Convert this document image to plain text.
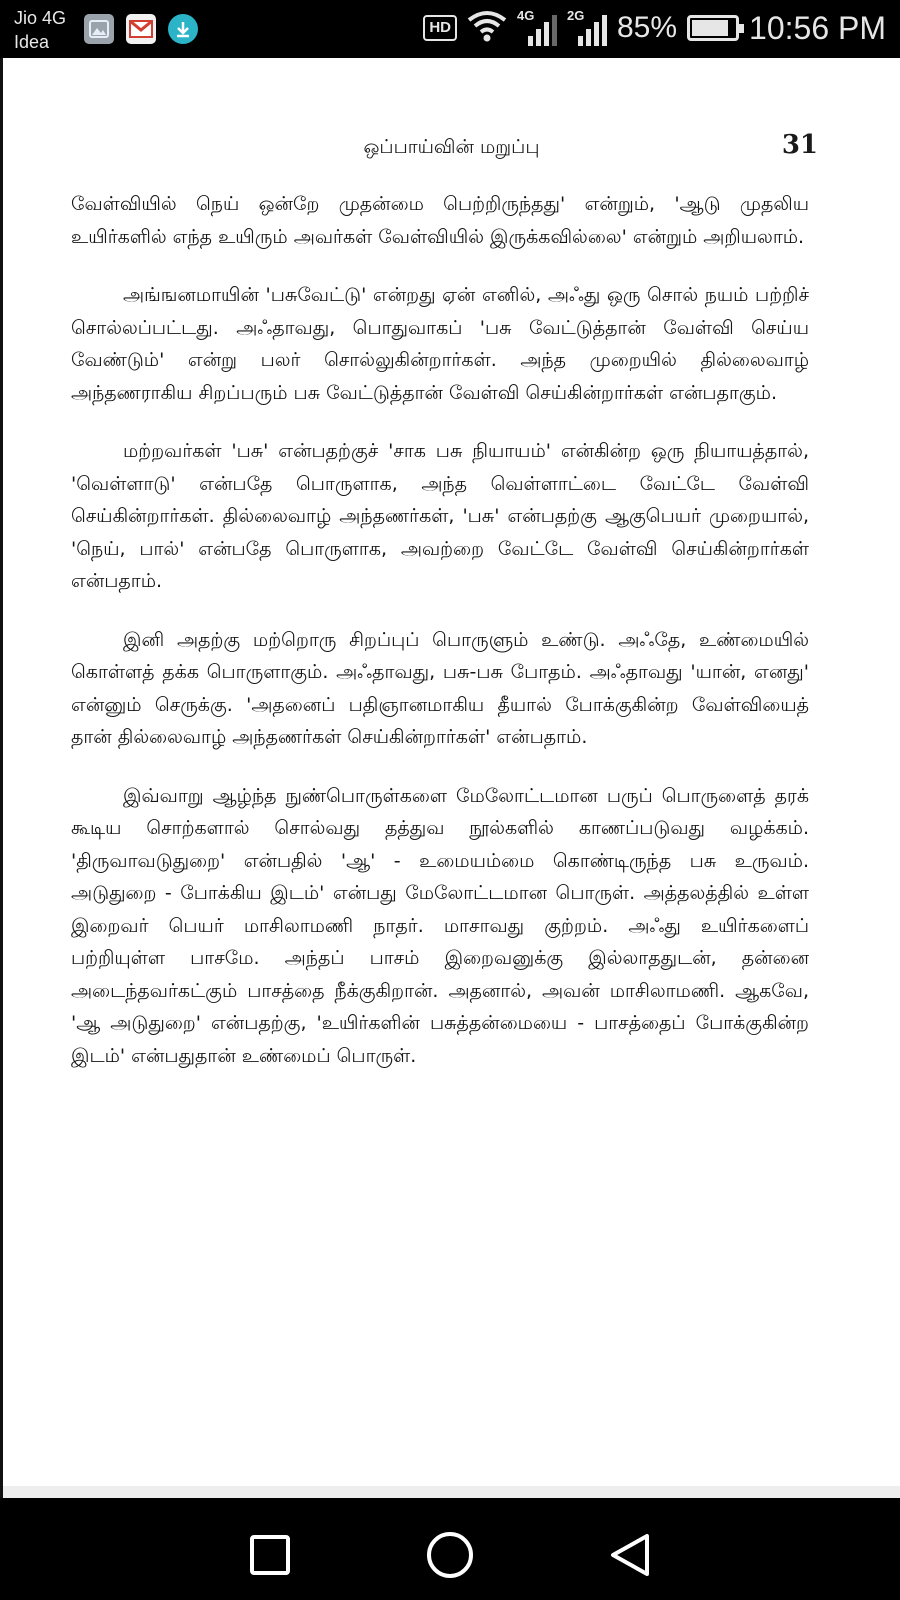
Jio 4G
Idea
HD
4G	2G 85% 10:56 PM
ஒப்பாய்வின் மறுப்பு	31

வேள்வியில் நெய் ஒன்றே முதன்மை பெற்றிருந்தது' என்றும், 'ஆடு முதலிய உயிர்களில் எந்த உயிரும் அவர்கள் வேள்வியில் இருக்கவில்லை' என்றும் அறியலாம்.

அங்ஙனமாயின் 'பசுவேட்டு' என்றது ஏன் எனில், அஃது ஒரு சொல் நயம் பற்றிச் சொல்லப்பட்டது. அஃதாவது, பொதுவாகப் 'பசு வேட்டுத்தான் வேள்வி செய்ய வேண்டும்' என்று பலர் சொல்லுகின்றார்கள். அந்த முறையில் தில்லைவாழ் அந்தணராகிய சிறப்பரும் பசு வேட்டுத்தான் வேள்வி செய்கின்றார்கள் என்பதாகும்.

மற்றவர்கள் 'பசு' என்பதற்குச் 'சாக பசு நியாயம்' என்கின்ற ஒரு நியாயத்தால், 'வெள்ளாடு' என்பதே பொருளாக, அந்த வெள்ளாட்டை வேட்டே வேள்வி செய்கின்றார்கள். தில்லைவாழ் அந்தணர்கள், 'பசு' என்பதற்கு ஆகுபெயர் முறையால், 'நெய், பால்' என்பதே பொருளாக, அவற்றை வேட்டே வேள்வி செய்கின்றார்கள் என்பதாம்.

இனி அதற்கு மற்றொரு சிறப்புப் பொருளும் உண்டு. அஃதே, உண்மையில் கொள்ளத் தக்க பொருளாகும். அஃதாவது, பசு-பசு போதம். அஃதாவது 'யான், எனது' என்னும் செருக்கு. 'அதனைப் பதிஞானமாகிய தீயால் போக்குகின்ற வேள்வியைத் தான் தில்லைவாழ் அந்தணர்கள் செய்கின்றார்கள்' என்பதாம்.

இவ்வாறு ஆழ்ந்த நுண்பொருள்களை மேலோட்டமான பருப் பொருளைத் தரக் கூடிய சொற்களால் சொல்வது தத்துவ நூல்களில் காணப்படுவது வழக்கம். 'திருவாவடுதுறை' என்பதில் 'ஆ' - உமையம்மை கொண்டிருந்த பசு உருவம். அடுதுறை - போக்கிய இடம்' என்பது மேலோட்டமான பொருள். அத்தலத்தில் உள்ள இறைவர் பெயர் மாசிலாமணி நாதர். மாசாவது குற்றம். அஃது உயிர்களைப் பற்றியுள்ள பாசமே. அந்தப் பாசம் இறைவனுக்கு இல்லாததுடன், தன்னை அடைந்தவர்கட்கும் பாசத்தை நீக்குகிறான். அதனால், அவன் மாசிலாமணி. ஆகவே, 'ஆ அடுதுறை' என்பதற்கு, 'உயிர்களின் பசுத்தன்மையை - பாசத்தைப் போக்குகின்ற இடம்' என்பதுதான் உண்மைப் பொருள்.
